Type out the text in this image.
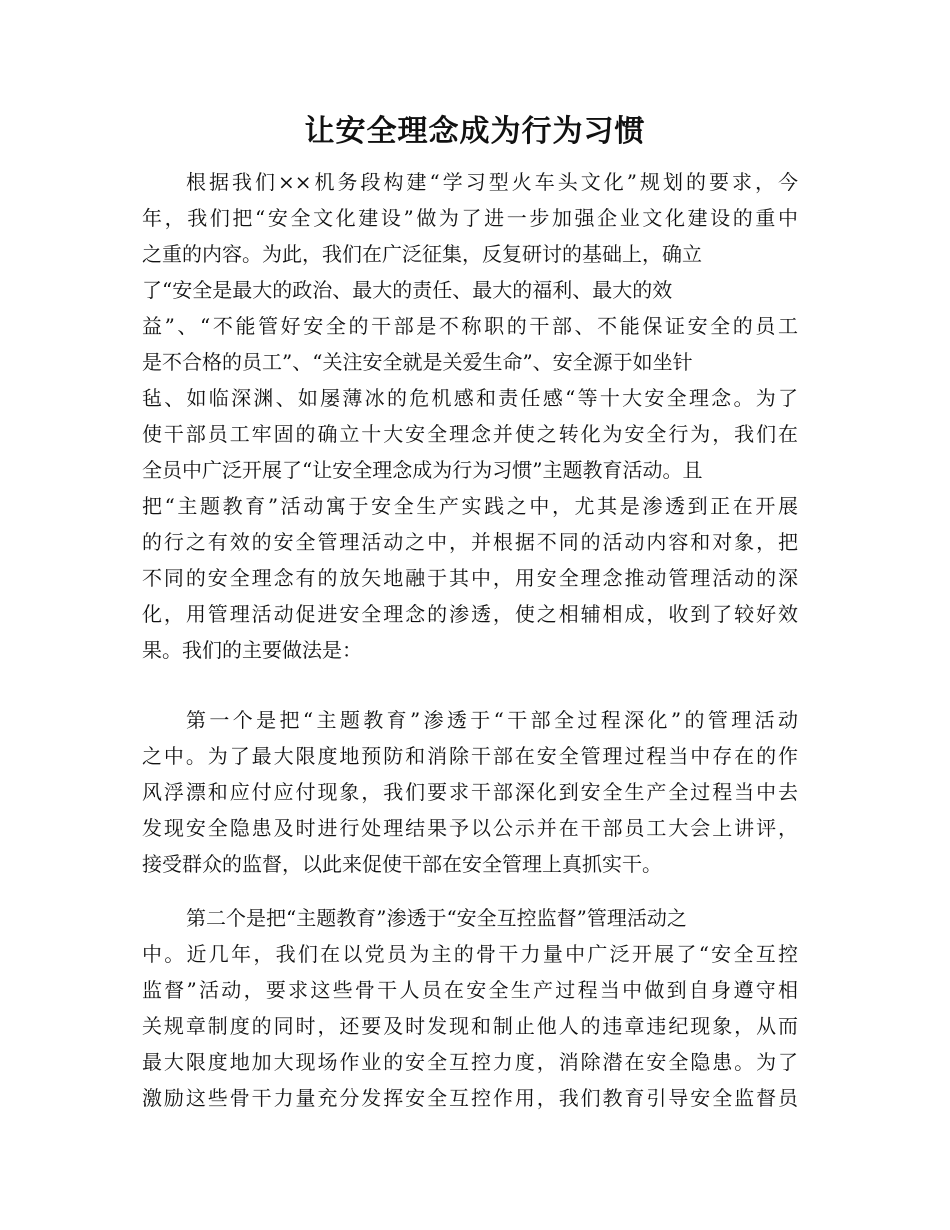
让安全理念成为行为习惯
根据我们××机务段构建“学习型火车头文化”规划的要求，今
年，我们把“安全文化建设”做为了进一步加强企业文化建设的重中
之重的内容。为此，我们在广泛征集，反复研讨的基础上，确立
了“安全是最大的政治、最大的责任、最大的福利、最大的效
益”、“不能管好安全的干部是不称职的干部、不能保证安全的员工
是不合格的员工”、“关注安全就是关爱生命”、安全源于如坐针
毡、如临深渊、如屡薄冰的危机感和责任感“等十大安全理念。为了
使干部员工牢固的确立十大安全理念并使之转化为安全行为，我们在
全员中广泛开展了“让安全理念成为行为习惯”主题教育活动。且
把“主题教育”活动寓于安全生产实践之中，尤其是渗透到正在开展
的行之有效的安全管理活动之中，并根据不同的活动内容和对象，把
不同的安全理念有的放矢地融于其中，用安全理念推动管理活动的深
化，用管理活动促进安全理念的渗透，使之相辅相成，收到了较好效
果。我们的主要做法是：
第一个是把“主题教育”渗透于“干部全过程深化”的管理活动
之中。为了最大限度地预防和消除干部在安全管理过程当中存在的作
风浮漂和应付应付现象，我们要求干部深化到安全生产全过程当中去
发现安全隐患及时进行处理结果予以公示并在干部员工大会上讲评，
接受群众的监督，以此来促使干部在安全管理上真抓实干。
第二个是把“主题教育”渗透于“安全互控监督”管理活动之
中。近几年，我们在以党员为主的骨干力量中广泛开展了“安全互控
监督”活动，要求这些骨干人员在安全生产过程当中做到自身遵守相
关规章制度的同时，还要及时发现和制止他人的违章违纪现象，从而
最大限度地加大现场作业的安全互控力度，消除潜在安全隐患。为了
激励这些骨干力量充分发挥安全互控作用，我们教育引导安全监督员
